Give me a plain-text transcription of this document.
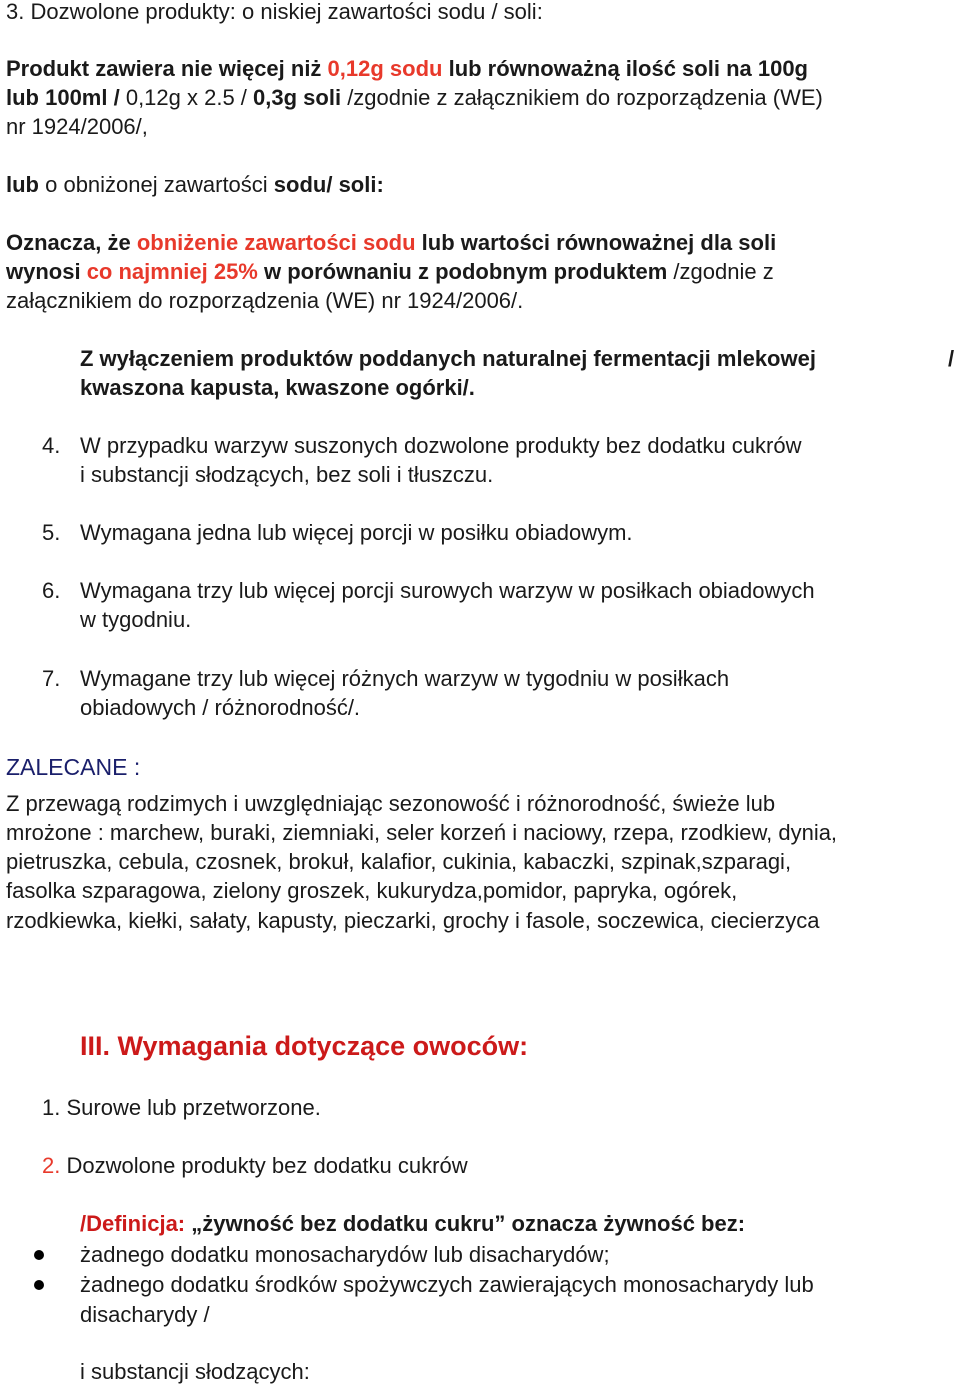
3. Dozwolone produkty: o niskiej zawartości sodu / soli:
Produkt zawiera nie więcej niż 0,12g sodu lub równoważną ilość soli na 100g
lub 100ml / 0,12g x 2.5 / 0,3g soli /zgodnie z załącznikiem do rozporządzenia (WE)
nr 1924/2006/,
lub o obniżonej zawartości sodu/ soli:
Oznacza, że obniżenie zawartości sodu lub wartości równoważnej dla soli
wynosi co najmniej 25% w porównaniu z podobnym produktem /zgodnie z
załącznikiem do rozporządzenia (WE) nr 1924/2006/.
Z wyłączeniem produktów poddanych naturalnej fermentacji mlekowej	/
kwaszona kapusta, kwaszone ogórki/.
4. W przypadku warzyw suszonych dozwolone produkty bez dodatku cukrów
i substancji słodzących, bez soli i tłuszczu.
5. Wymagana jedna lub więcej porcji w posiłku obiadowym.
6. Wymagana trzy lub więcej porcji surowych warzyw w posiłkach obiadowych
w tygodniu.
7. Wymagane trzy lub więcej różnych warzyw w tygodniu w posiłkach
obiadowych / różnorodność/.
ZALECANE :
Z przewagą rodzimych i uwzględniając sezonowość i różnorodność, świeże lub
mrożone : marchew, buraki, ziemniaki, seler korzeń i naciowy, rzepa, rzodkiew, dynia,
pietruszka, cebula, czosnek, brokuł, kalafior, cukinia, kabaczki, szpinak,szparagi,
fasolka szparagowa, zielony groszek, kukurydza,pomidor, papryka, ogórek,
rzodkiewka, kiełki, sałaty, kapusty, pieczarki, grochy i fasole, soczewica, ciecierzyca
III. Wymagania dotyczące owoców:
1. Surowe lub przetworzone.
2. Dozwolone produkty bez dodatku cukrów
/Definicja: „żywność bez dodatku cukru” oznacza żywność bez:
żadnego dodatku monosacharydów lub disacharydów;
żadnego dodatku środków spożywczych zawierających monosacharydy lub
disacharydy /
i substancji słodzących:
